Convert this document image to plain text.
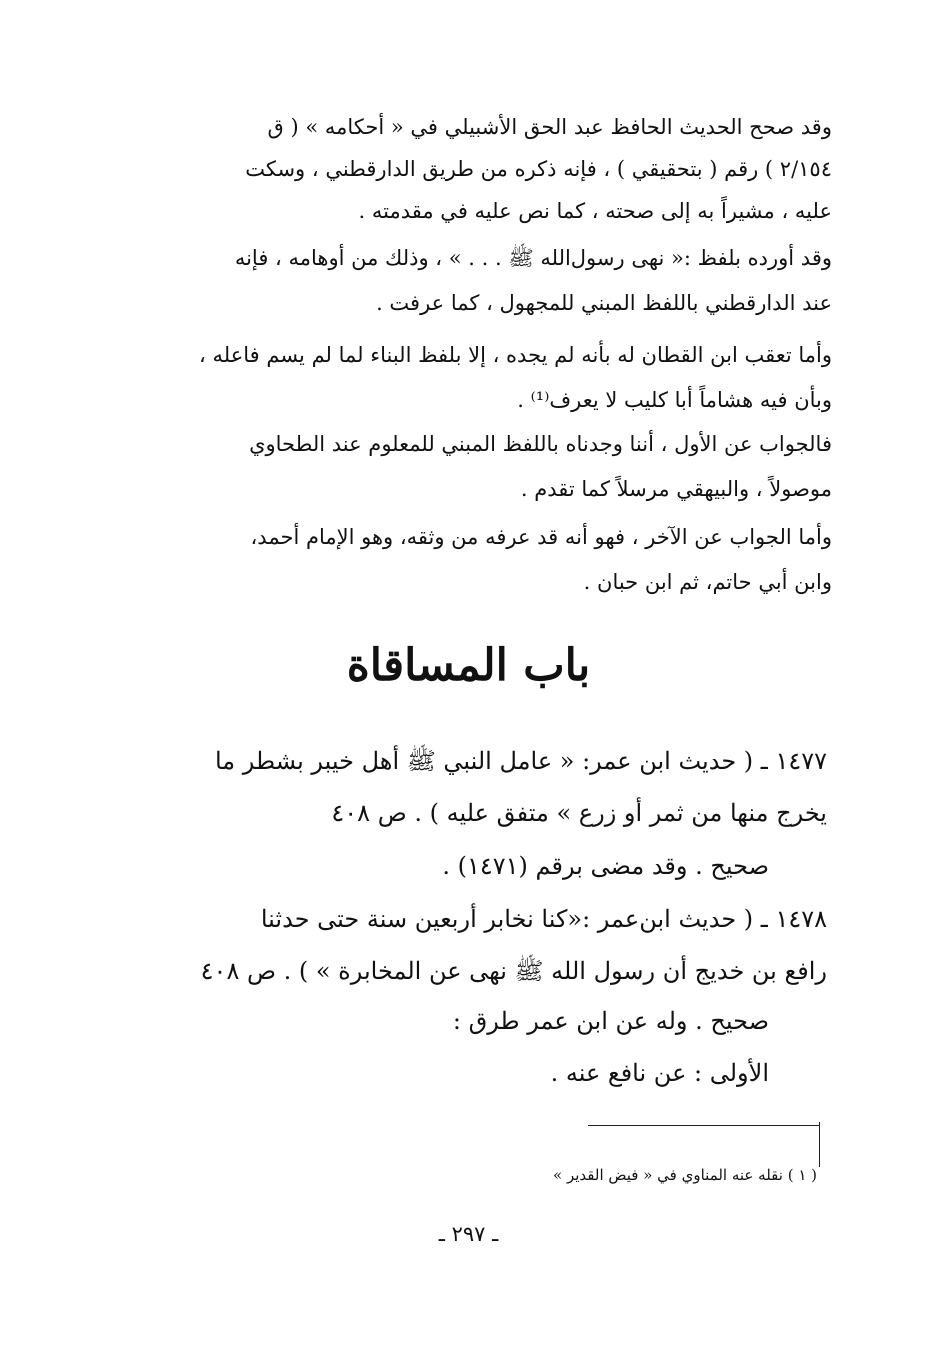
وقد صحح الحديث الحافظ عبد الحق الأشبيلي في « أحكامه » ( ق
٢/١٥٤ ) رقم ( بتحقيقي ) ، فإنه ذكره من طريق الدارقطني ، وسكت
عليه ، مشيراً به إلى صحته ، كما نص عليه في مقدمته .
وقد أورده بلفظ :« نهى رسول‌الله ﷺ . . . » ، وذلك من أوهامه ، فإنه
عند الدارقطني باللفظ المبني للمجهول ، كما عرفت .
وأما تعقب ابن القطان له بأنه لم يجده ، إلا بلفظ البناء لما لم يسم فاعله ،
وبأن فيه هشاماً أبا كليب لا يعرف⁽¹⁾ .
فالجواب عن الأول ، أننا وجدناه باللفظ المبني للمعلوم عند الطحاوي
موصولاً ، والبيهقي مرسلاً كما تقدم .
وأما الجواب عن الآخر ، فهو أنه قد عرفه من وثقه، وهو الإمام أحمد،
وابن أبي حاتم، ثم ابن حبان .
باب المساقاة
١٤٧٧ ـ ( حديث ابن عمر: « عامل النبي ﷺ أهل خيبر بشطر ما
يخرج منها من ثمر أو زرع » متفق عليه ) . ص ٤٠٨
صحيح . وقد مضى برقم (١٤٧١) .
١٤٧٨ ـ ( حديث ابن‌عمر :«كنا نخابر أربعين سنة حتى حدثنا
رافع بن خديج أن رسول الله ﷺ نهى عن المخابرة » ) . ص ٤٠٨
صحيح . وله عن ابن عمر طرق :
الأولى : عن نافع عنه .
( ١ ) نقله عنه المناوي في « فيض القدير »
ـ ٢٩٧ ـ
